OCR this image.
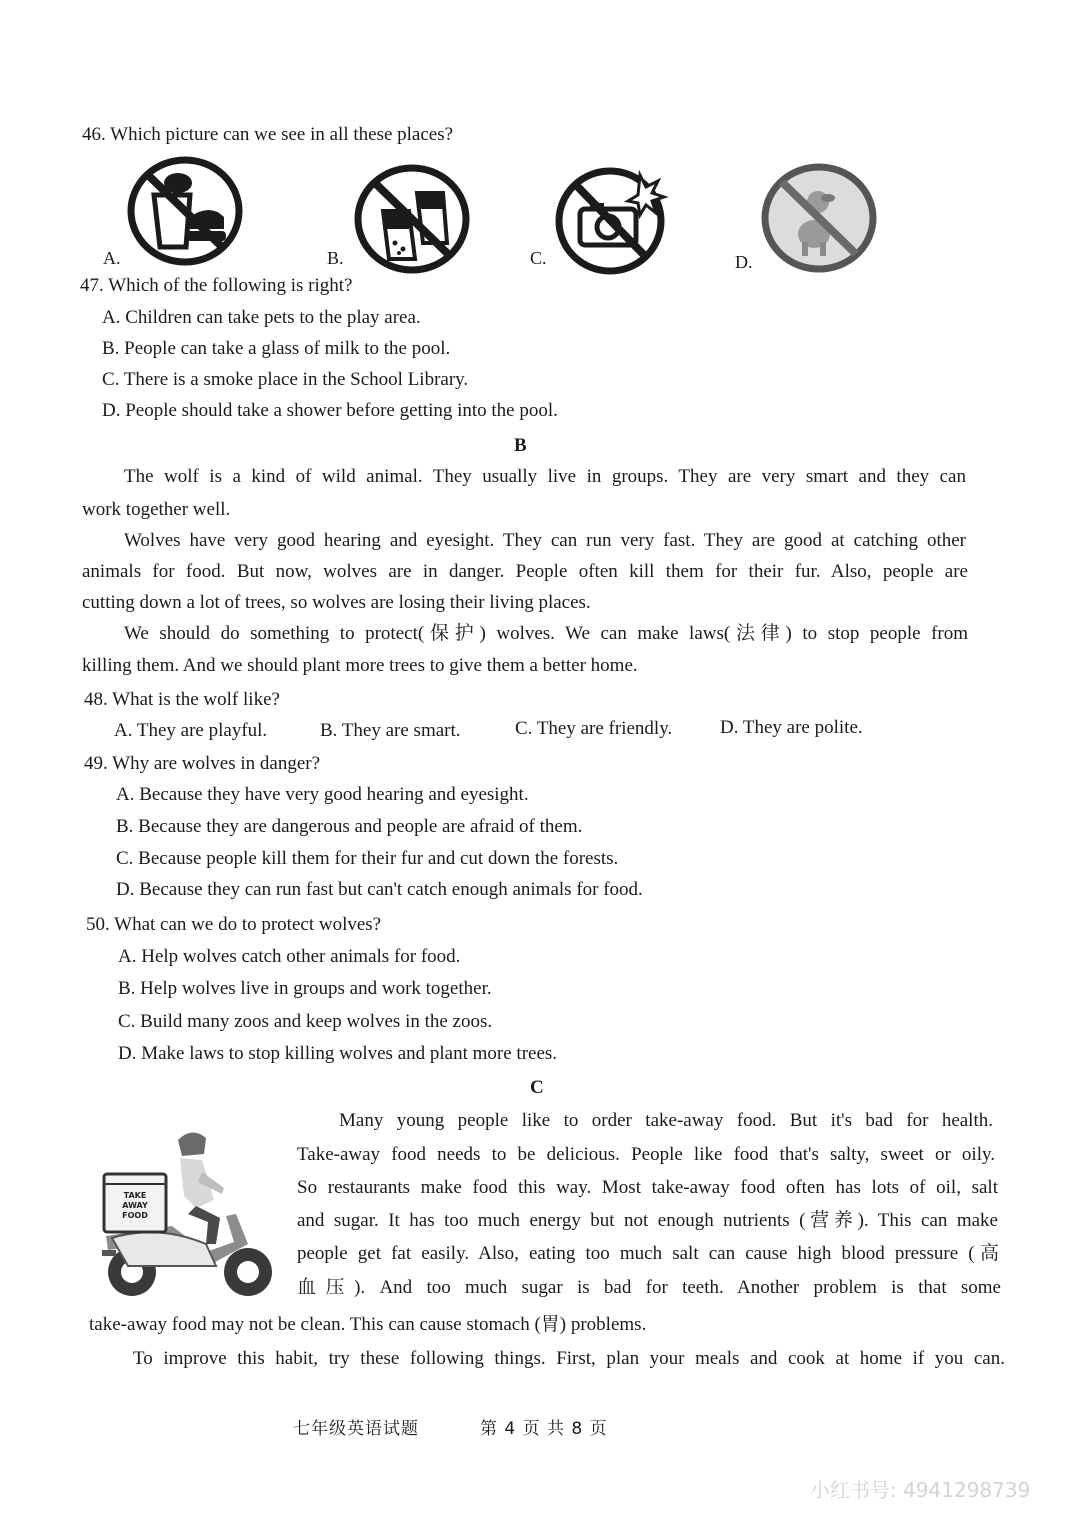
46. Which picture can we see in all these places?
A.	B.	C.	D.
47. Which of the following is right?
A. Children can take pets to the play area.
B. People can take a glass of milk to the pool.
C. There is a smoke place in the School Library.
D. People should take a shower before getting into the pool.
B
The wolf is a kind of wild animal. They usually live in groups. They are very smart and they can
work together well.
Wolves have very good hearing and eyesight. They can run very fast. They are good at catching other
animals for food. But now, wolves are in danger. People often kill them for their fur. Also, people are
cutting down a lot of trees, so wolves are losing their living places.
We should do something to protect(保护) wolves. We can make laws(法律) to stop people from
killing them. And we should plant more trees to give them a better home.
48. What is the wolf like?
A. They are playful.	B. They are smart.	C. They are friendly.	D. They are polite.
49. Why are wolves in danger?
A. Because they have very good hearing and eyesight.
B. Because they are dangerous and people are afraid of them.
C. Because people kill them for their fur and cut down the forests.
D. Because they can run fast but can't catch enough animals for food.
50. What can we do to protect wolves?
A. Help wolves catch other animals for food.
B. Help wolves live in groups and work together.
C. Build many zoos and keep wolves in the zoos.
D. Make laws to stop killing wolves and plant more trees.
C
TAKE
AWAY
FOOD
Many young people like to order take-away food. But it's bad for health.
Take-away food needs to be delicious. People like food that's salty, sweet or oily.
So restaurants make food this way. Most take-away food often has lots of oil, salt
and sugar. It has too much energy but not enough nutrients (营养). This can make
people get fat easily. Also, eating too much salt can cause high blood pressure (高
血压). And too much sugar is bad for teeth. Another problem is that some
take-away food may not be clean. This can cause stomach (胃) problems.
To improve this habit, try these following things. First, plan your meals and cook at home if you can.
七年级英语试题	第 4 页 共 8 页
小红书号: 4941298739
